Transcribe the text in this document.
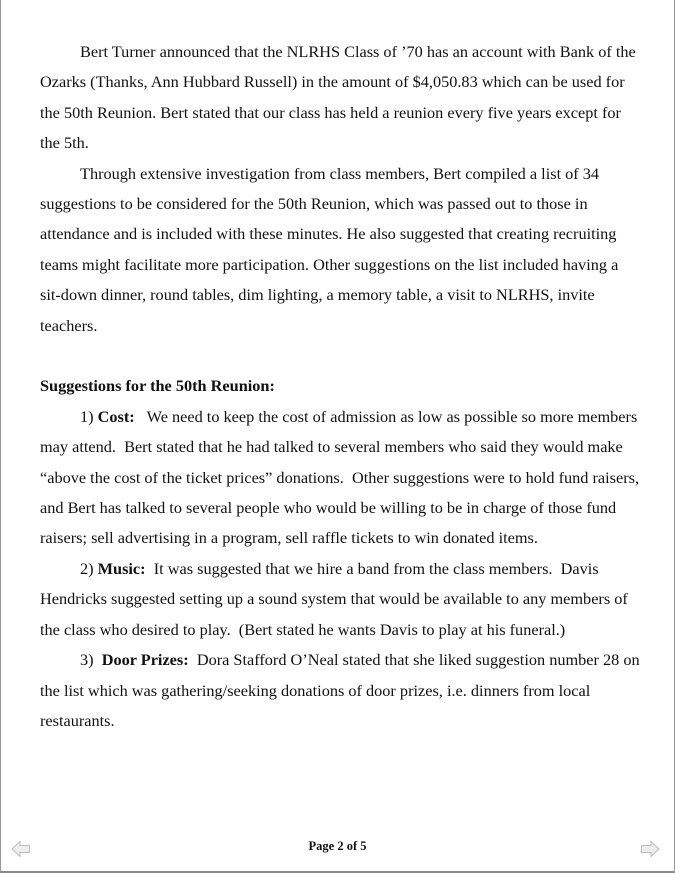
Bert Turner announced that the NLRHS Class of ’70 has an account with Bank of the Ozarks (Thanks, Ann Hubbard Russell) in the amount of $4,050.83 which can be used for the 50th Reunion. Bert stated that our class has held a reunion every five years except for the 5th.

Through extensive investigation from class members, Bert compiled a list of 34 suggestions to be considered for the 50th Reunion, which was passed out to those in attendance and is included with these minutes. He also suggested that creating recruiting teams might facilitate more participation. Other suggestions on the list included having a sit-down dinner, round tables, dim lighting, a memory table, a visit to NLRHS, invite teachers.

Suggestions for the 50th Reunion:

1) Cost:   We need to keep the cost of admission as low as possible so more members may attend.  Bert stated that he had talked to several members who said they would make “above the cost of the ticket prices” donations.  Other suggestions were to hold fund raisers, and Bert has talked to several people who would be willing to be in charge of those fund raisers; sell advertising in a program, sell raffle tickets to win donated items.

2) Music:  It was suggested that we hire a band from the class members.  Davis Hendricks suggested setting up a sound system that would be available to any members of the class who desired to play.  (Bert stated he wants Davis to play at his funeral.)

3)  Door Prizes:  Dora Stafford O’Neal stated that she liked suggestion number 28 on the list which was gathering/seeking donations of door prizes, i.e. dinners from local restaurants.

Page 2 of 5
